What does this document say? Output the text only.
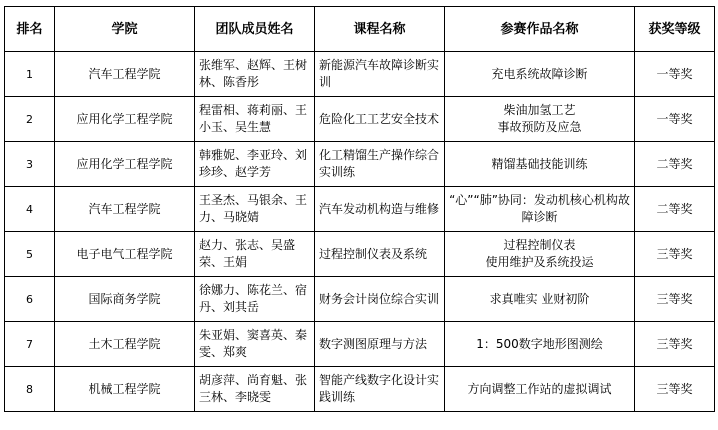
排名	学院	团队成员姓名	课程名称	参赛作品名称	获奖等级
1	汽车工程学院	张维军、赵辉、王树林、陈香彤	新能源汽车故障诊断实训	充电系统故障诊断	一等奖
2	应用化学工程学院	程雷相、蒋莉丽、王小玉、吴生慧	危险化工工艺安全技术	柴油加氢工艺
事故预防及应急	一等奖
3	应用化学工程学院	韩雅妮、李亚玲、刘珍珍、赵学芳	化工精馏生产操作综合实训练	精馏基础技能训练	二等奖
4	汽车工程学院	王圣杰、马银余、王力、马晓婧	汽车发动机构造与维修	“心”“肺”协同：发动机核心机构故障诊断	二等奖
5	电子电气工程学院	赵力、张志、吴盛荣、王娟	过程控制仪表及系统	过程控制仪表
使用维护及系统投运	三等奖
6	国际商务学院	徐娜力、陈花兰、宿丹、刘其岳	财务会计岗位综合实训	求真唯实 业财初阶	三等奖
7	土木工程学院	朱亚娟、窦喜英、秦雯、郑爽	数字测图原理与方法	1：500数字地形图测绘	三等奖
8	机械工程学院	胡彦萍、尚育魁、张三林、李晓雯	智能产线数字化设计实践训练	方向调整工作站的虚拟调试	三等奖
